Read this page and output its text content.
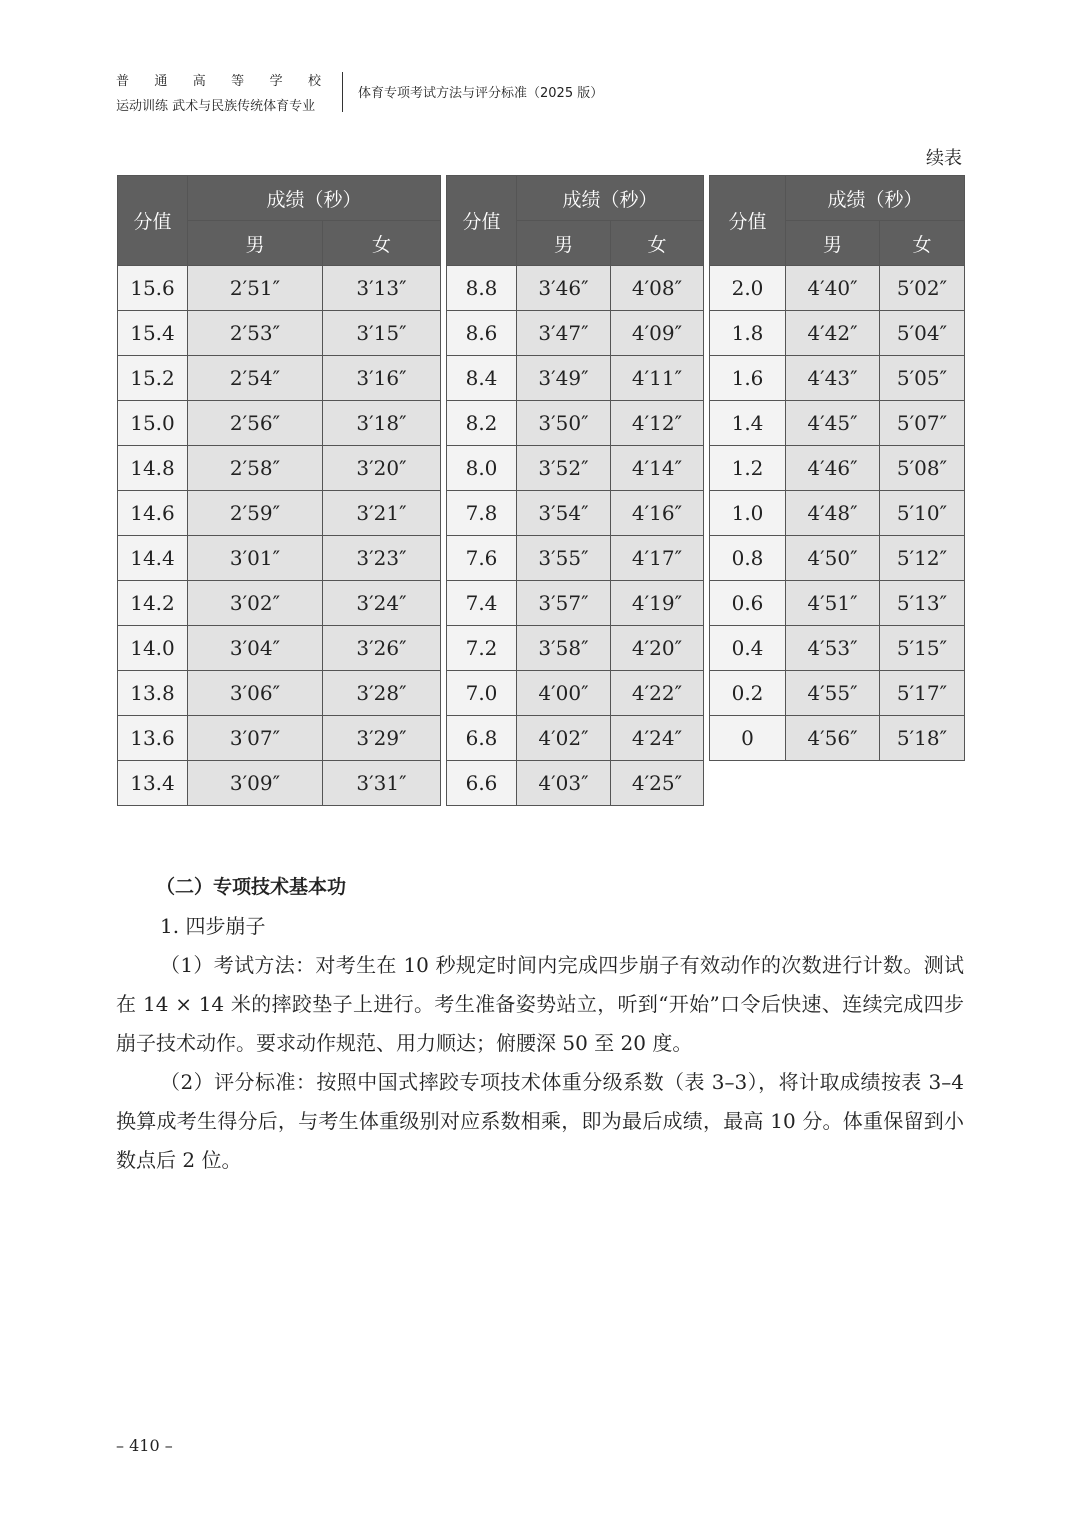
普 通 高 等 学 校
运动训练 武术与民族传统体育专业
体育专项考试方法与评分标准（2025 版）
续表
分值	成绩（秒）	
	男	女
15.6	2′51″	3′13″
15.4	2′53″	3′15″
15.2	2′54″	3′16″
15.0	2′56″	3′18″
14.8	2′58″	3′20″
14.6	2′59″	3′21″
14.4	3′01″	3′23″
14.2	3′02″	3′24″
14.0	3′04″	3′26″
13.8	3′06″	3′28″
13.6	3′07″	3′29″
13.4	3′09″	3′31″
分值	成绩（秒）	
	男	女
8.8	3′46″	4′08″
8.6	3′47″	4′09″
8.4	3′49″	4′11″
8.2	3′50″	4′12″
8.0	3′52″	4′14″
7.8	3′54″	4′16″
7.6	3′55″	4′17″
7.4	3′57″	4′19″
7.2	3′58″	4′20″
7.0	4′00″	4′22″
6.8	4′02″	4′24″
6.6	4′03″	4′25″
分值	成绩（秒）	
	男	女
2.0	4′40″	5′02″
1.8	4′42″	5′04″
1.6	4′43″	5′05″
1.4	4′45″	5′07″
1.2	4′46″	5′08″
1.0	4′48″	5′10″
0.8	4′50″	5′12″
0.6	4′51″	5′13″
0.4	4′53″	5′15″
0.2	4′55″	5′17″
0	4′56″	5′18″

（二）专项技术基本功

1. 四步崩子

（1）考试方法：对考生在 10 秒规定时间内完成四步崩子有效动作的次数进行计数。测试在 14 × 14 米的摔跤垫子上进行。考生准备姿势站立，听到“开始”口令后快速、连续完成四步崩子技术动作。要求动作规范、用力顺达；俯腰深 50 至 20 度。

（2）评分标准：按照中国式摔跤专项技术体重分级系数（表 3–3），将计取成绩按表 3–4 换算成考生得分后，与考生体重级别对应系数相乘，即为最后成绩，最高 10 分。体重保留到小数点后 2 位。

– 410 –
